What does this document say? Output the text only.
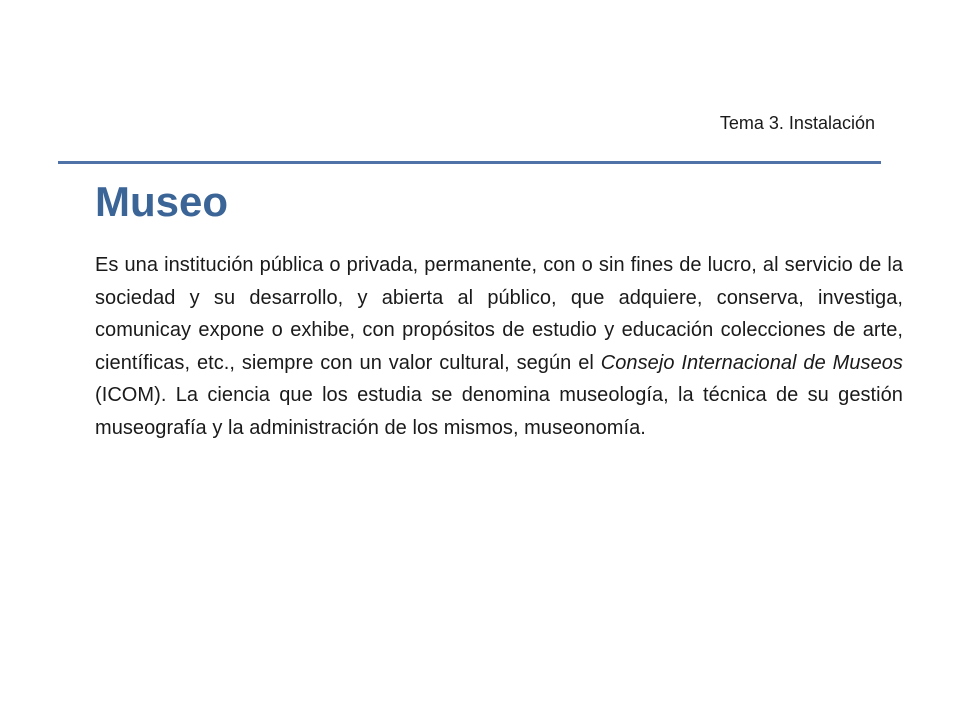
Tema 3. Instalación
Museo

Es una institución pública o privada, permanente, con o sin fines de lucro, al servicio de la sociedad y su desarrollo, y abierta al público, que adquiere, conserva, investiga, comunicay expone o exhibe, con propósitos de estudio y educación colecciones de arte, científicas, etc., siempre con un valor cultural, según el Consejo Internacional de Museos (ICOM). La ciencia que los estudia se denomina museología, la técnica de su gestión museografía y la administración de los mismos, museonomía.
